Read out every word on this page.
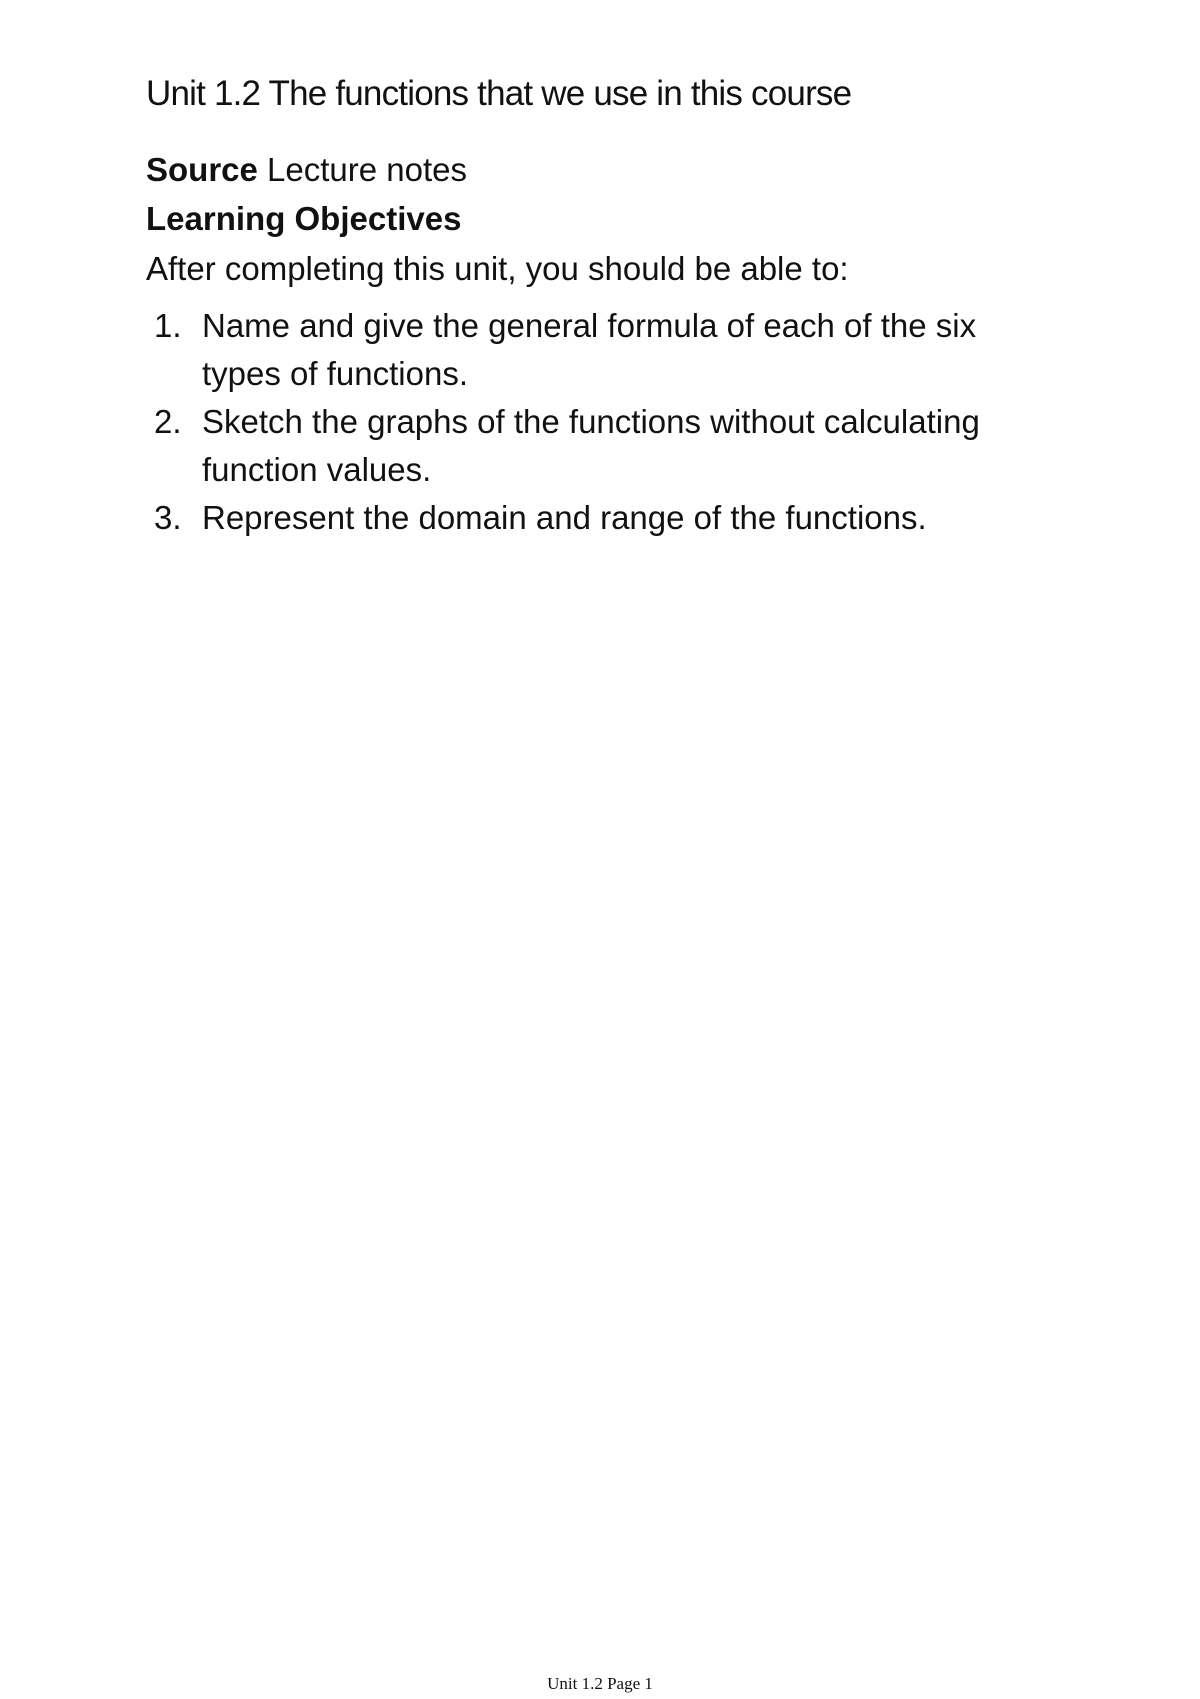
Unit 1.2 The functions that we use in this course

Source Lecture notes

Learning Objectives

After completing this unit, you should be able to:

1. Name and give the general formula of each of the six types of functions.
2. Sketch the graphs of the functions without calculating function values.
3. Represent the domain and range of the functions.
Unit 1.2 Page 1
